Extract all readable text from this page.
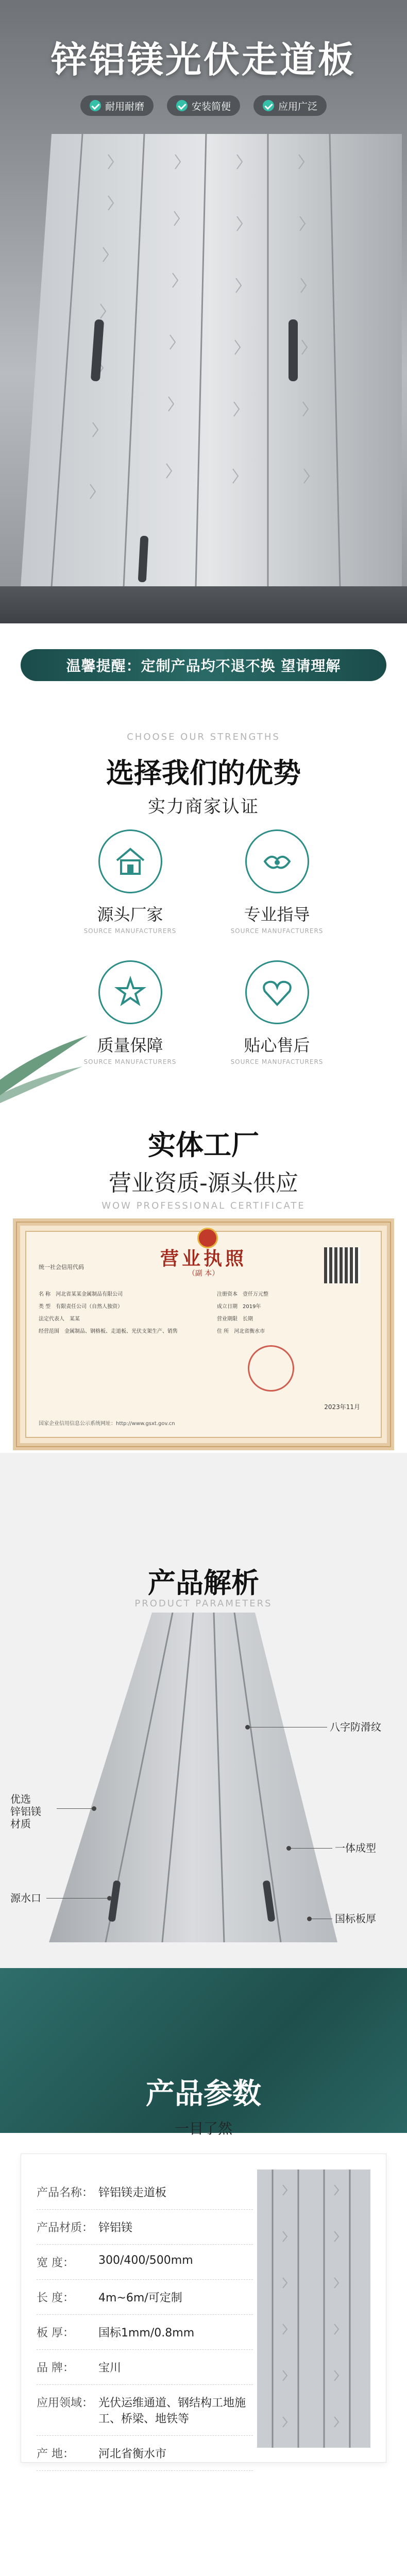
锌铝镁光伏走道板
耐用耐磨	安装简便	应用广泛
温馨提醒： 定制产品均不退不换 望请理解
CHOOSE OUR STRENGTHS
选择我们的优势
实力商家认证
源头厂家
SOURCE MANUFACTURERS
专业指导
SOURCE MANUFACTURERS
质量保障
SOURCE MANUFACTURERS
贴心售后
SOURCE MANUFACTURERS
实体工厂
营业资质-源头供应
WOW PROFESSIONAL CERTIFICATE
营业执照
（副 本）
统一社会信用代码
名 称　 河北省某某金属制品有限公司
类 型　 有限责任公司（自然人独资）
法定代表人　 某某
经营范围　 金属制品、钢格板、走道板、光伏支架生产、销售
注册资本　 壹仟万元整
成立日期　 2019年
营业期限　 长期
住 所　 河北省衡水市
2023年11月
国家企业信用信息公示系统网址：http://www.gsxt.gov.cn
产品解析
PRODUCT PARAMETERS
优选
锌铝镁
材质
源水口
八字防滑纹
一体成型
国标板厚
产品参数
一目了然
产品名称： 锌铝镁走道板
产品材质： 锌铝镁
宽 度：	300/400/500mm
长 度：	4m~6m/可定制
板 厚：	国标1mm/0.8mm
品 牌：	宝川
应用领域： 光伏运维通道、钢结构工地施工、桥梁、地铁等
产 地：	河北省衡水市
